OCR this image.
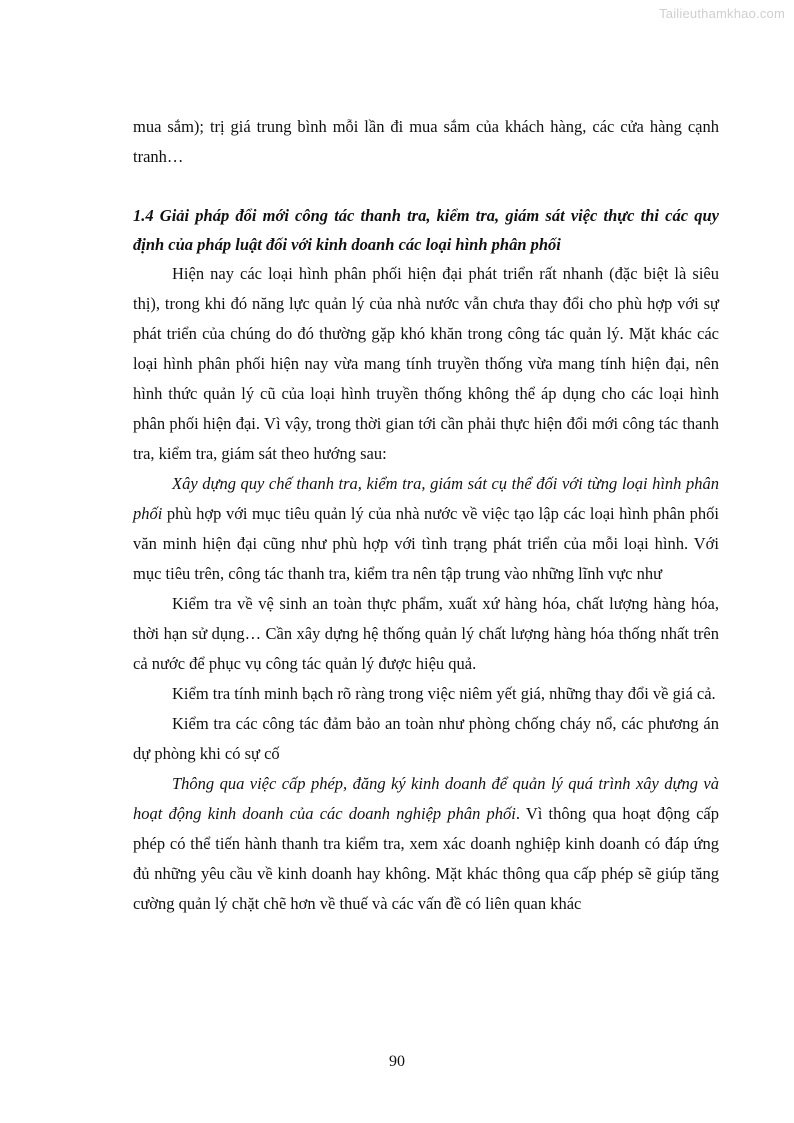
Tailieuthamkhao.com

mua sắm); trị giá trung bình mỗi lần đi mua sắm của khách hàng, các cửa hàng cạnh tranh…

1.4 Giải pháp đổi mới công tác thanh tra, kiểm tra, giám sát việc thực thi các quy định của pháp luật đối với kinh doanh các loại hình phân phối

Hiện nay các loại hình phân phối hiện đại phát triển rất nhanh (đặc biệt là siêu thị), trong khi đó năng lực quản lý của nhà nước vẫn chưa thay đổi cho phù hợp với sự phát triển của chúng do đó thường gặp khó khăn trong công tác quản lý. Mặt khác các loại hình phân phối hiện nay vừa mang tính truyền thống vừa mang tính hiện đại, nên hình thức quản lý cũ của loại hình truyền thống không thể áp dụng cho các loại hình phân phối hiện đại. Vì vậy, trong thời gian tới cần phải thực hiện đổi mới công tác thanh tra, kiểm tra, giám sát theo hướng sau:

Xây dựng quy chế thanh tra, kiểm tra, giám sát cụ thể đối với từng loại hình phân phối phù hợp với mục tiêu quản lý của nhà nước về việc tạo lập các loại hình phân phối văn minh hiện đại cũng như phù hợp với tình trạng phát triển của mỗi loại hình. Với mục tiêu trên, công tác thanh tra, kiểm tra nên tập trung vào những lĩnh vực như

Kiểm tra về vệ sinh an toàn thực phẩm, xuất xứ hàng hóa, chất lượng hàng hóa, thời hạn sử dụng… Cần xây dựng hệ thống quản lý chất lượng hàng hóa thống nhất trên cả nước để phục vụ công tác quản lý được hiệu quả.

Kiểm tra tính minh bạch rõ ràng trong việc niêm yết giá, những thay đổi về giá cả.

Kiểm tra các công tác đảm bảo an toàn như phòng chống cháy nổ, các phương án dự phòng khi có sự cố

Thông qua việc cấp phép, đăng ký kinh doanh để quản lý quá trình xây dựng và hoạt động kinh doanh của các doanh nghiệp phân phối. Vì thông qua hoạt động cấp phép có thể tiến hành thanh tra kiểm tra, xem xác doanh nghiệp kinh doanh có đáp ứng đủ những yêu cầu về kinh doanh hay không. Mặt khác thông qua cấp phép sẽ giúp tăng cường quản lý chặt chẽ hơn về thuế và các vấn đề có liên quan khác

90
